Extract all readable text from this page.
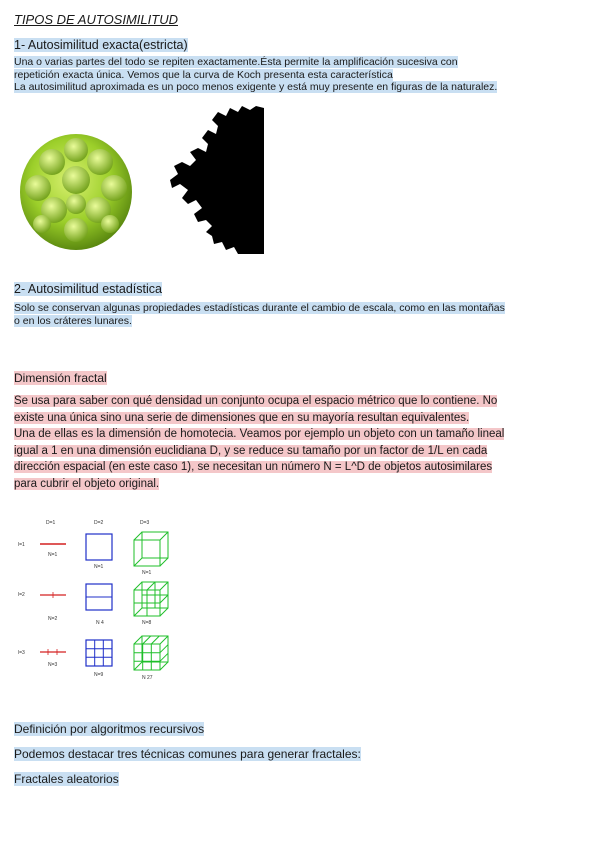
TIPOS DE AUTOSIMILITUD
1- Autosimilitud exacta(estricta)
Una o varias partes del todo se repiten exactamente.Ésta permite la amplificación sucesiva con
repetición exacta única. Vemos que la curva de Koch presenta esta característica
La autosimilitud aproximada es un poco menos exigente y está muy presente en figuras de la naturalez.
2- Autosimilitud estadística
Solo se conservan algunas propiedades estadísticas durante el cambio de escala, como en las montañas
o en los cráteres lunares.
Dimensión fractal
Se usa para saber con qué densidad un conjunto ocupa el espacio métrico que lo contiene. No
existe una única sino una serie de dimensiones que en su mayoría resultan equivalentes.
Una de ellas es la dimensión de homotecia. Veamos por ejemplo un objeto con un tamaño lineal
igual a 1 en una dimensión euclidiana D, y se reduce su tamaño por un factor de 1/L en cada
dirección espacial (en este caso 1), se necesitan un número N = L^D de objetos autosimilares
para cubrir el objeto original.
D=1	D=2	D=3
l=1
l=2
l=3
N=1
N=2
N=3
N=1
N 4
N=9
N=1
N=8
N 27
Definición por algoritmos recursivos
Podemos destacar tres técnicas comunes para generar fractales:
Fractales aleatorios
